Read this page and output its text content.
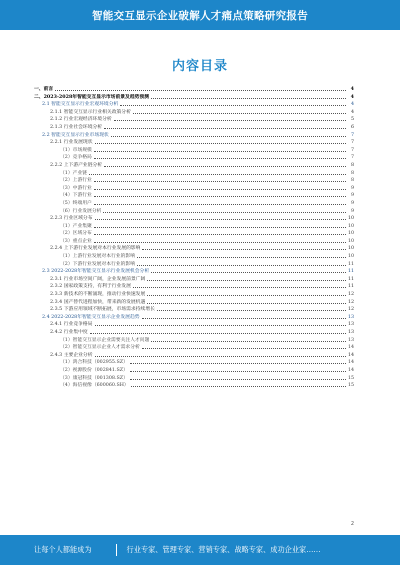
智能交互显示企业破解人才痛点策略研究报告
内容目录
一、前言	4
二、2023-2028年智能交互显示市场前景及趋势预测	4
2.1 智能交互显示行业宏观环境分析	4
2.1.1 智能交互显示行业相关政策分析	4
2.1.2 行业宏观经济环境分析	5
2.1.3 行业社会环境分析	6
2.2 智能交互显示行业市场现状	7
2.2.1 行业发展现状	7
（1）市场规模	7
（2）竞争格局	7
2.2.2 上下游产业链分析	8
（1）产业链	8
（2）上游行业	8
（3）中游行业	9
（4）下游行业	9
（5）终端用户	9
（6）行业发展分析	9
2.2.3 行业区域分布	10
（1）产业集聚	10
（2）区域分布	10
（3）重点企业	10
2.2.4 上下游行业发展对本行业发展的影响	10
（1）上游行业发展对本行业的影响	10
（2）下游行业发展对本行业的影响	11
2.3 2022-2028年智能交互显示行业发展机会分析	11
2.3.1 行业市场空间广阔，企业发展前景广阔	11
2.3.2 国家政策支持，有利于行业发展	11
2.3.3 新技术的不断涌现，推动行业快速发展	12
2.3.4 国产替代进程加快，带来新的发展机遇	12
2.3.5 下游应用领域不断拓展，市场需求持续增长	12
2.4 2022-2028年智能交互显示企业发展趋势	13
2.4.1 行业竞争格局	13
2.4.2 行业集中度	13
（1）智能交互显示企业需要关注人才问题	13
（2）智能交互显示企业人才需求分析	14
2.4.3 主要企业分析	14
（1）鸿合科技（002955.SZ）	14
（2）视源股份（002841.SZ）	14
（3）康冠科技（001308.SZ）	15
（4）海信视像（600060.SH）	15
2
让每个人都能成为	行业专家、管理专家、营销专家、战略专家、成功企业家……
